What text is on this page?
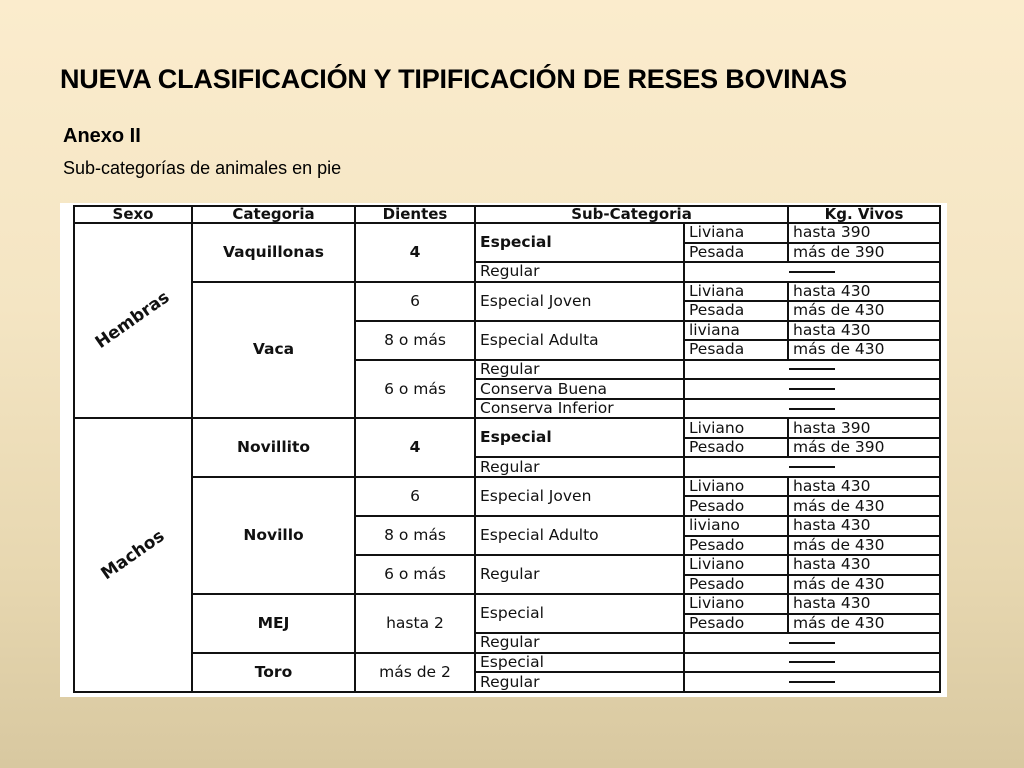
NUEVA CLASIFICACIÓN Y TIPIFICACIÓN DE RESES BOVINAS
Anexo II
Sub-categorías de animales en pie
Sexo	Categoria	Dientes	Sub-Categoria		Kg. Vivos
Hembras	Vaquillonas	4	Especial	Liviana	hasta 390
				Pesada	más de 390
			Regular		
	Vaca	6	Especial Joven	Liviana	hasta 430
				Pesada	más de 430
		8 o más	Especial Adulta	liviana	hasta 430
				Pesada	más de 430
		6 o más	Regular		
			Conserva Buena		
			Conserva Inferior		
Machos	Novillito	4	Especial	Liviano	hasta 390
				Pesado	más de 390
			Regular		
	Novillo	6	Especial Joven	Liviano	hasta 430
				Pesado	más de 430
		8 o más	Especial Adulto	liviano	hasta 430
				Pesado	más de 430
		6 o más	Regular	Liviano	hasta 430
				Pesado	más de 430
	MEJ	hasta 2	Especial	Liviano	hasta 430
				Pesado	más de 430
			Regular		
	Toro	más de 2	Especial		
			Regular		
